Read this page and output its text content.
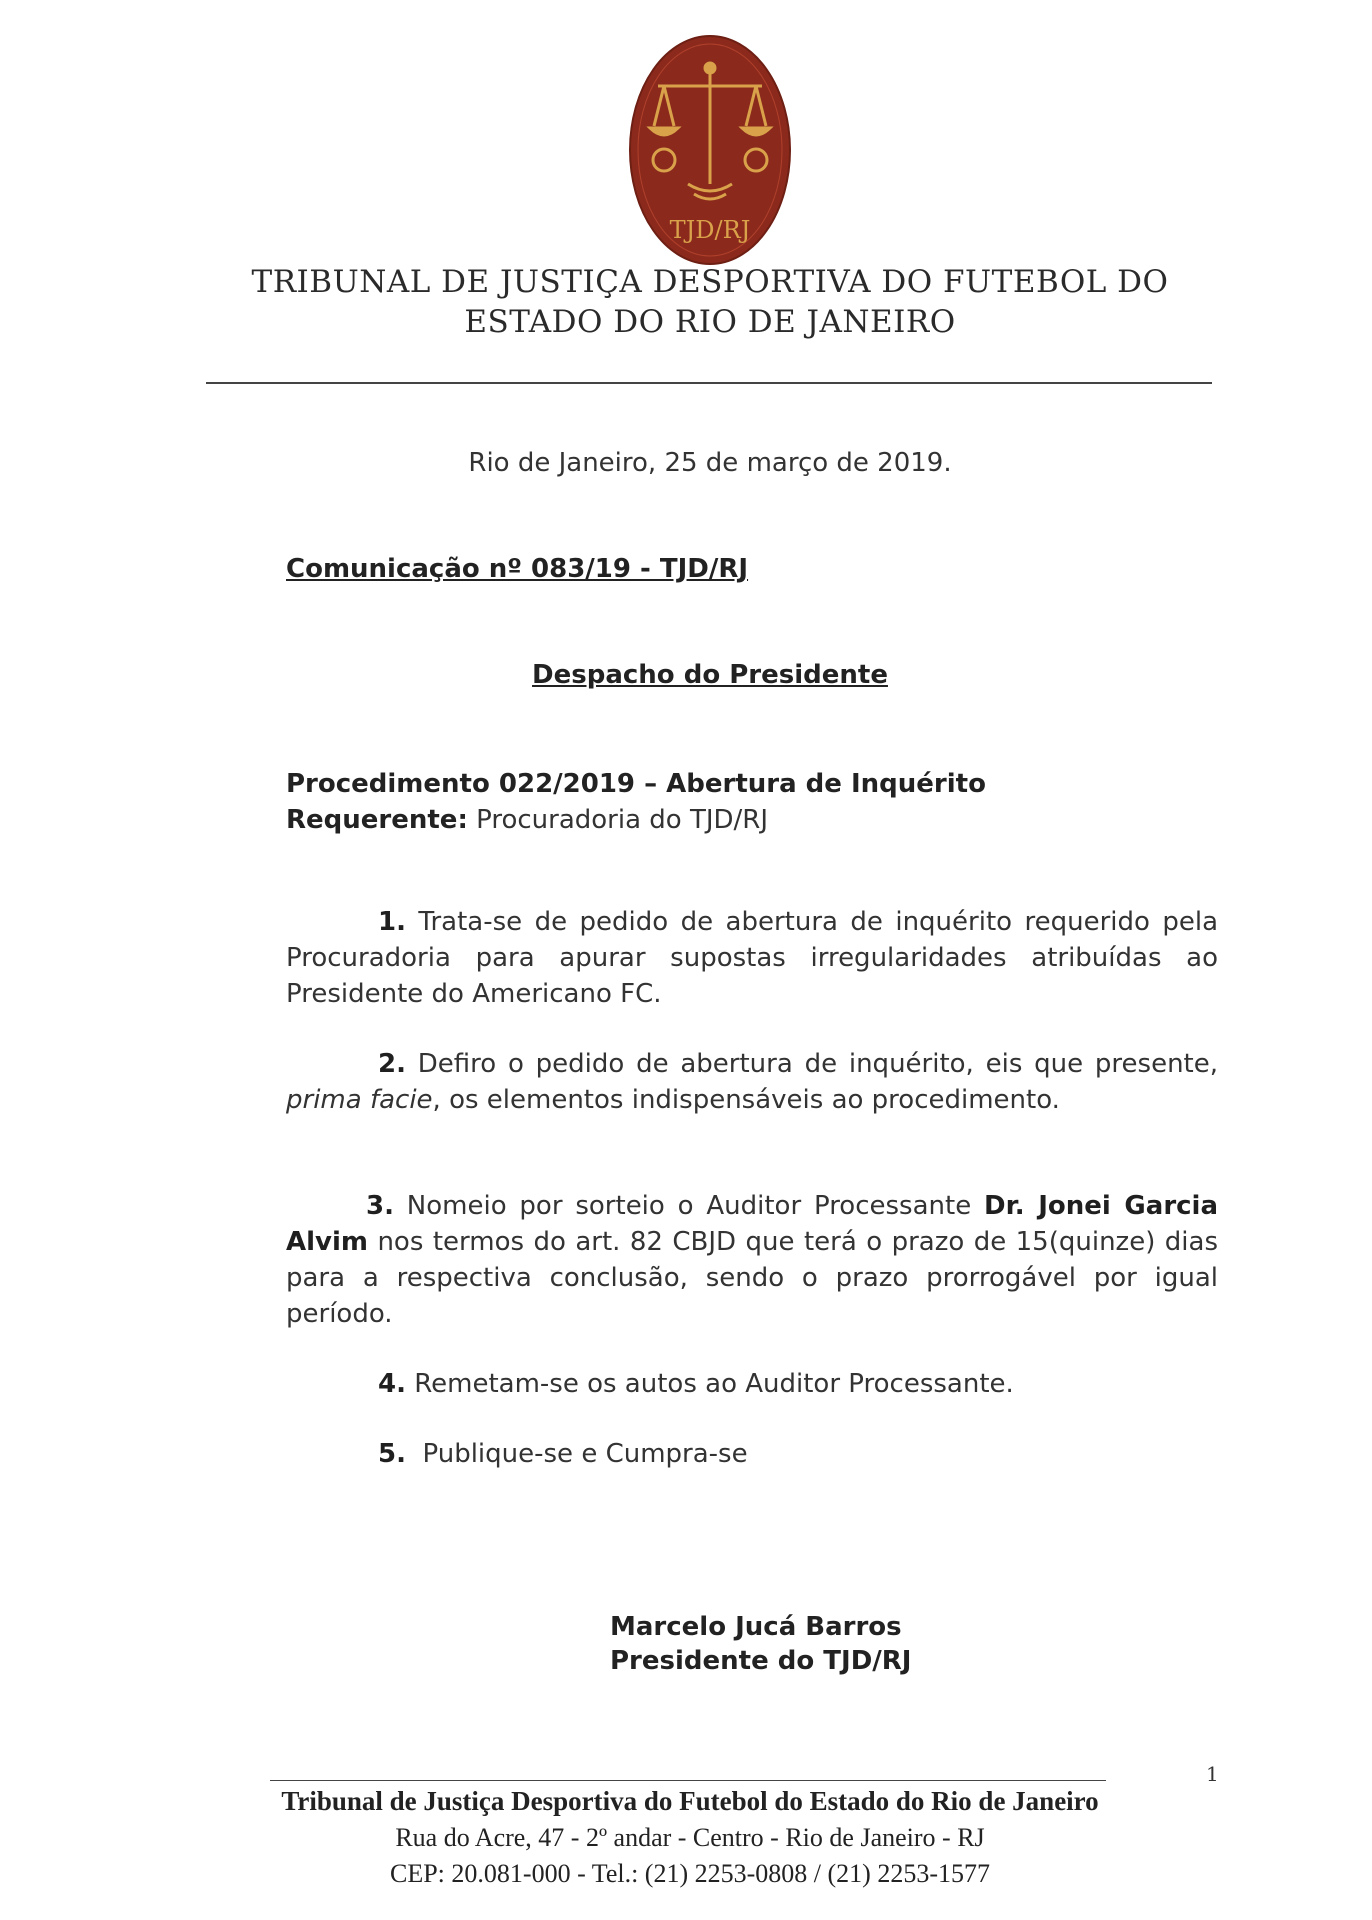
TJD/RJ
TRIBUNAL DE JUSTIÇA DESPORTIVA DO FUTEBOL DO
ESTADO DO RIO DE JANEIRO
Rio de Janeiro, 25 de março de 2019.
Comunicação nº 083/19 - TJD/RJ
Despacho do Presidente
Procedimento 022/2019 – Abertura de Inquérito
Requerente: Procuradoria do TJD/RJ
1. Trata-se de pedido de abertura de inquérito requerido pela Procuradoria para apurar supostas irregularidades atribuídas ao Presidente do Americano FC.
2. Defiro o pedido de abertura de inquérito, eis que presente, prima facie, os elementos indispensáveis ao procedimento.
3. Nomeio por sorteio o Auditor Processante Dr. Jonei Garcia Alvim nos termos do art. 82 CBJD que terá o prazo de 15(quinze) dias para a respectiva conclusão, sendo o prazo prorrogável por igual período.
4. Remetam-se os autos ao Auditor Processante.
5. Publique-se e Cumpra-se
Marcelo Jucá Barros
Presidente do TJD/RJ
1
Tribunal de Justiça Desportiva do Futebol do Estado do Rio de Janeiro
Rua do Acre, 47 - 2º andar - Centro - Rio de Janeiro - RJ
CEP: 20.081-000 - Tel.: (21) 2253-0808 / (21) 2253-1577
